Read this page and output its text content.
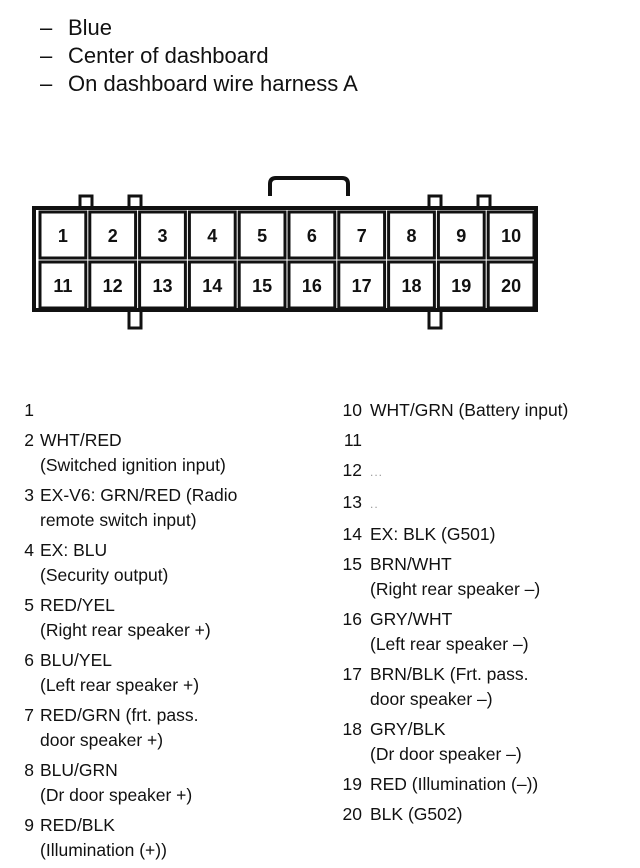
– Blue
– Center of dashboard
– On dashboard wire harness A
1 2 3 4 5 6 7 8 9 10
11 12 13 14 15 16 17 18 19 20
1

2 WHT/RED
(Switched ignition input)
3 EX-V6: GRN/RED (Radio
remote switch input)
4 EX: BLU
(Security output)
5 RED/YEL
(Right rear speaker +)
6 BLU/YEL
(Left rear speaker +)
7 RED/GRN (frt. pass.
door speaker +)
8 BLU/GRN
(Dr door speaker +)
9 RED/BLK
(Illumination (+))
10 WHT/GRN (Battery input)
11

12 ...
13 ..
14 EX: BLK (G501)
15 BRN/WHT
(Right rear speaker –)
16 GRY/WHT
(Left rear speaker –)
17 BRN/BLK (Frt. pass.
door speaker –)
18 GRY/BLK
(Dr door speaker –)
19 RED (Illumination (–))
20 BLK (G502)
